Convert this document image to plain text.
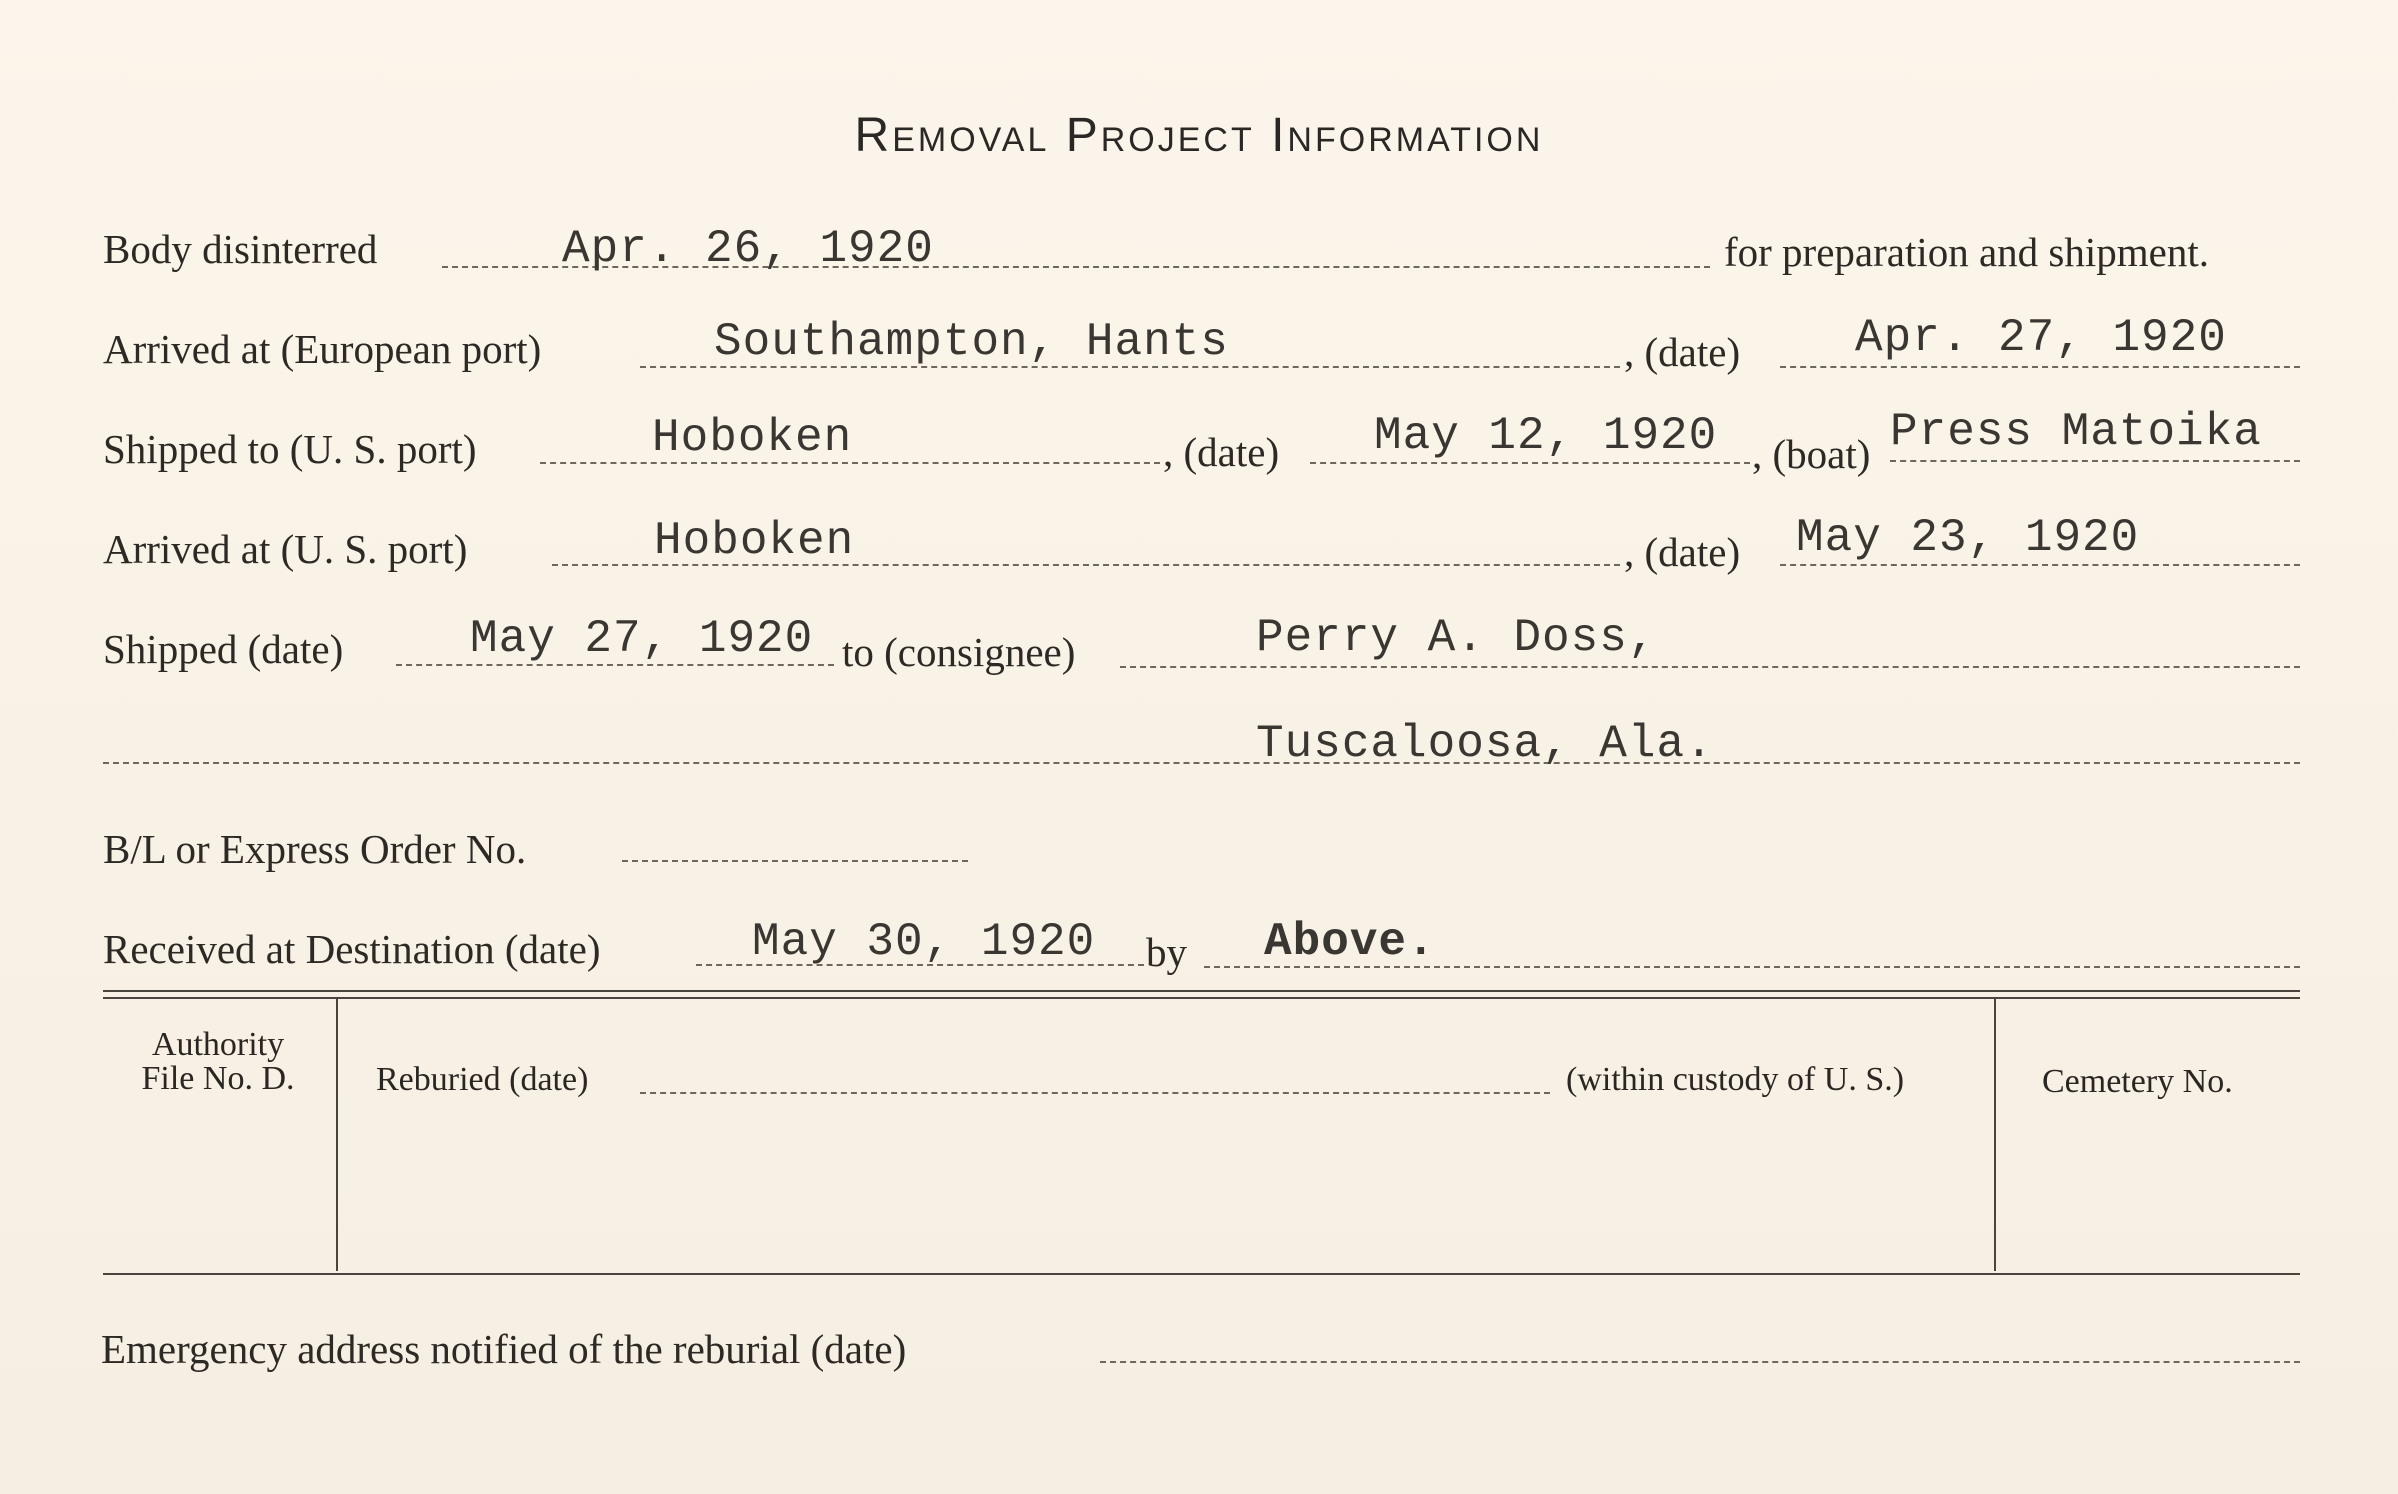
Removal Project Information
Body disinterred	Apr. 26, 1920	for preparation and shipment.
Arrived at (European port)	Southampton, Hants	, (date) Apr. 27, 1920
Shipped to (U. S. port)	Hoboken	, (date) May 12, 1920 , (boat) Press Matoika
Arrived at (U. S. port)	Hoboken	, (date) May 23, 1920
Shipped (date)	May 27, 1920 to (consignee)	Perry A. Doss,
Tuscaloosa, Ala.
B/L or Express Order No.
Received at Destination (date)	May 30, 1920 by Above.
Authority
File No. D.	Reburied (date)	(within custody of U. S.)	Cemetery No.
Emergency address notified of the reburial (date)
